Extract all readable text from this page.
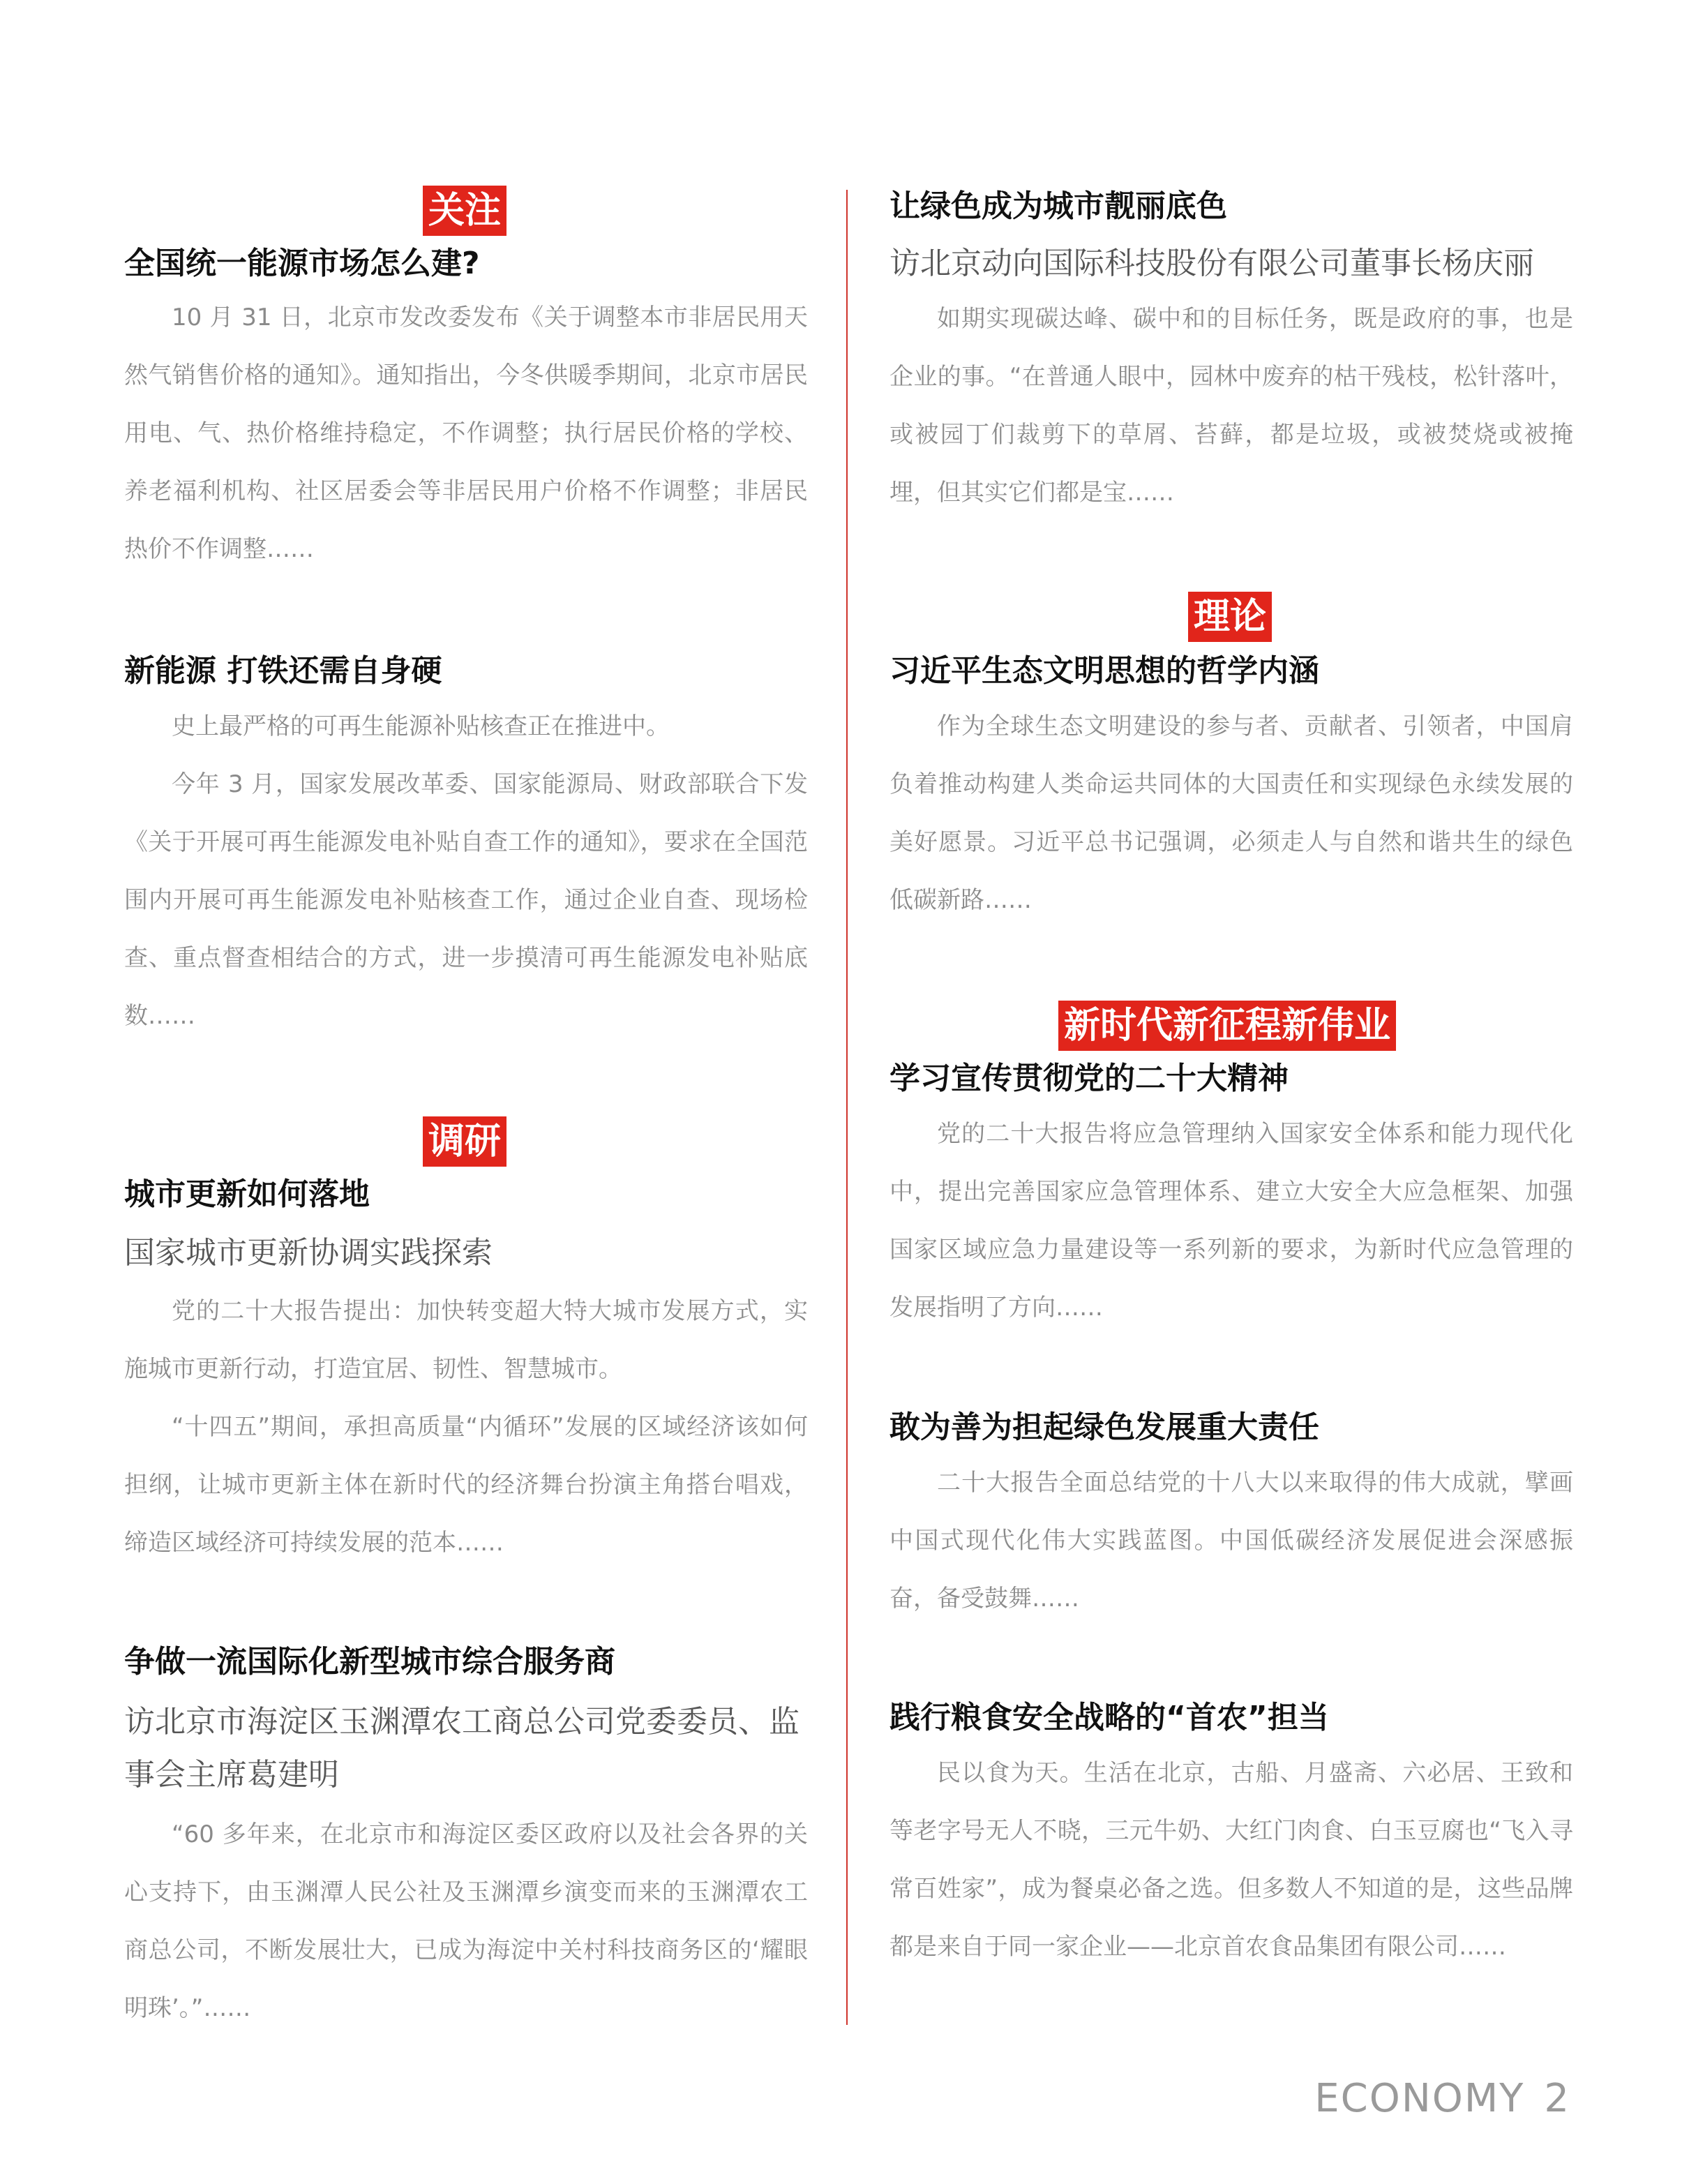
关注
全国统一能源市场怎么建?

10 月 31 日，北京市发改委发布《关于调整本市非居民用天然气销售价格的通知》。通知指出，今冬供暖季期间，北京市居民用电、气、热价格维持稳定，不作调整；执行居民价格的学校、养老福利机构、社区居委会等非居民用户价格不作调整；非居民热价不作调整……

新能源 打铁还需自身硬

史上最严格的可再生能源补贴核查正在推进中。

今年 3 月，国家发展改革委、国家能源局、财政部联合下发《关于开展可再生能源发电补贴自查工作的通知》，要求在全国范围内开展可再生能源发电补贴核查工作，通过企业自查、现场检查、重点督查相结合的方式，进一步摸清可再生能源发电补贴底数……

调研
城市更新如何落地
国家城市更新协调实践探索

党的二十大报告提出：加快转变超大特大城市发展方式，实施城市更新行动，打造宜居、韧性、智慧城市。

“十四五”期间，承担高质量“内循环”发展的区域经济该如何担纲，让城市更新主体在新时代的经济舞台扮演主角搭台唱戏，缔造区域经济可持续发展的范本……

争做一流国际化新型城市综合服务商
访北京市海淀区玉渊潭农工商总公司党委委员、监事会主席葛建明

“60 多年来，在北京市和海淀区委区政府以及社会各界的关心支持下，由玉渊潭人民公社及玉渊潭乡演变而来的玉渊潭农工商总公司，不断发展壮大，已成为海淀中关村科技商务区的‘耀眼明珠’。”……

让绿色成为城市靓丽底色
访北京动向国际科技股份有限公司董事长杨庆丽

如期实现碳达峰、碳中和的目标任务，既是政府的事，也是企业的事。“在普通人眼中，园林中废弃的枯干残枝，松针落叶，或被园丁们裁剪下的草屑、苔藓，都是垃圾，或被焚烧或被掩埋，但其实它们都是宝……

理论
习近平生态文明思想的哲学内涵

作为全球生态文明建设的参与者、贡献者、引领者，中国肩负着推动构建人类命运共同体的大国责任和实现绿色永续发展的美好愿景。习近平总书记强调，必须走人与自然和谐共生的绿色低碳新路……

新时代新征程新伟业
学习宣传贯彻党的二十大精神

党的二十大报告将应急管理纳入国家安全体系和能力现代化中，提出完善国家应急管理体系、建立大安全大应急框架、加强国家区域应急力量建设等一系列新的要求，为新时代应急管理的发展指明了方向……

敢为善为担起绿色发展重大责任

二十大报告全面总结党的十八大以来取得的伟大成就，擘画中国式现代化伟大实践蓝图。中国低碳经济发展促进会深感振奋，备受鼓舞……

践行粮食安全战略的“首农”担当

民以食为天。生活在北京，古船、月盛斋、六必居、王致和等老字号无人不晓，三元牛奶、大红门肉食、白玉豆腐也“飞入寻常百姓家”，成为餐桌必备之选。但多数人不知道的是，这些品牌都是来自于同一家企业——北京首农食品集团有限公司……

ECONOMY 2
